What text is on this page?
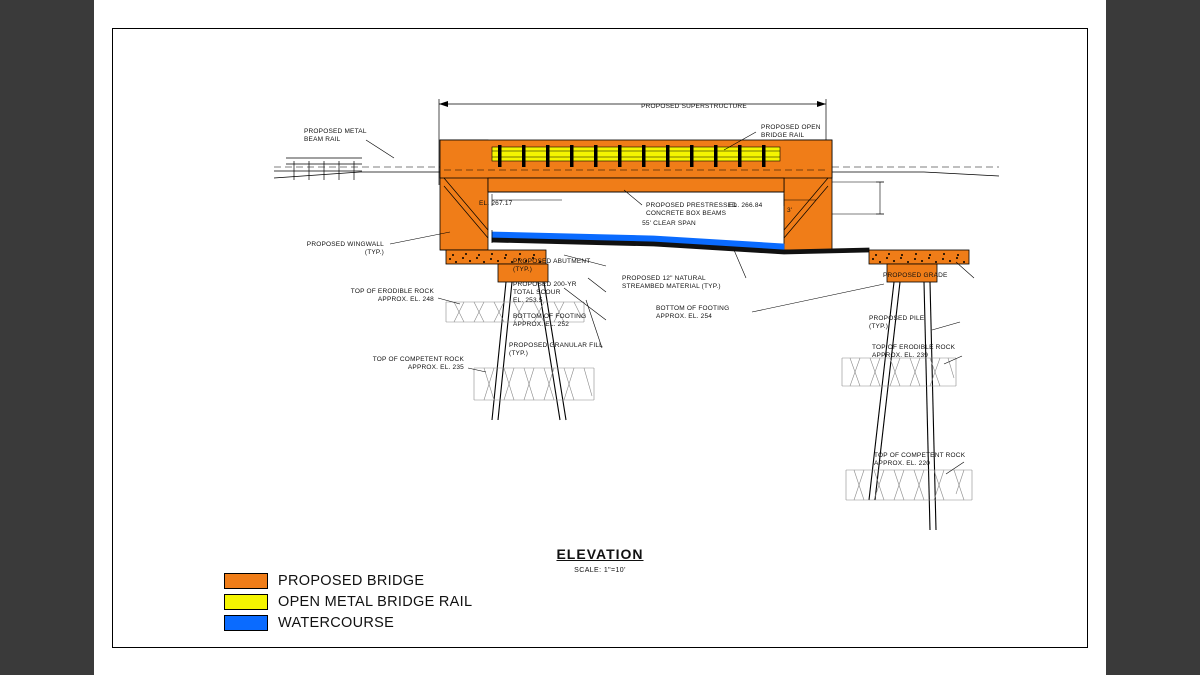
PROPOSED SUPERSTRUCTURE
PROPOSED METAL
BEAM RAIL
PROPOSED OPEN
BRIDGE RAIL
PROPOSED PRESTRESSED
CONCRETE BOX BEAMS
EL. 267.17	EL. 266.84
3'
55' CLEAR SPAN
PROPOSED WINGWALL
(TYP.)
PROPOSED ABUTMENT
(TYP.)
PROPOSED 12" NATURAL
STREAMBED MATERIAL (TYP.)
PROPOSED GRADE
PROPOSED PILE
(TYP.)
PROPOSED GRANULAR FILL
(TYP.)
PROPOSED 200-YR
TOTAL SCOUR
EL. 253.5
BOTTOM OF FOOTING
APPROX. EL. 252
BOTTOM OF FOOTING
APPROX. EL. 254
TOP OF ERODIBLE ROCK
APPROX. EL. 248
TOP OF COMPETENT ROCK
APPROX. EL. 235
TOP OF ERODIBLE ROCK
APPROX. EL. 239
TOP OF COMPETENT ROCK
APPROX. EL. 220
ELEVATION
SCALE: 1"=10'
PROPOSED BRIDGE
OPEN METAL BRIDGE RAIL
WATERCOURSE
